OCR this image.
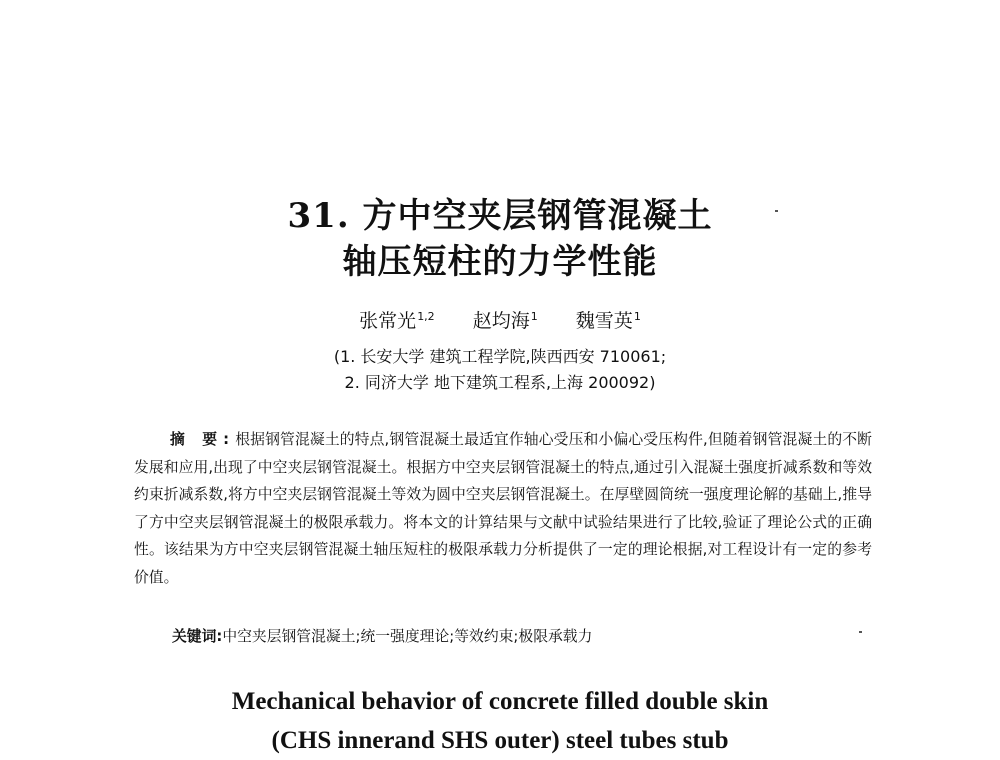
31. 方中空夹层钢管混凝土
轴压短柱的力学性能
张常光$^{1,2}$ 赵均海$^1$ 魏雪英$^1$
(1. 长安大学 建筑工程学院,陕西西安 710061;
2. 同济大学 地下建筑工程系,上海 200092)
摘 要:根据钢管混凝土的特点,钢管混凝土最适宜作轴心受压和小偏心受压构件,但随着钢管混凝土的不断发展和应用,出现了中空夹层钢管混凝土。根据方中空夹层钢管混凝土的特点,通过引入混凝土强度折减系数和等效约束折减系数,将方中空夹层钢管混凝土等效为圆中空夹层钢管混凝土。在厚壁圆筒统一强度理论解的基础上,推导了方中空夹层钢管混凝土的极限承载力。将本文的计算结果与文献中试验结果进行了比较,验证了理论公式的正确性。该结果为方中空夹层钢管混凝土轴压短柱的极限承载力分析提供了一定的理论根据,对工程设计有一定的参考价值。
关键词:中空夹层钢管混凝土;统一强度理论;等效约束;极限承载力
Mechanical behavior of concrete filled double skin
(CHS innerand SHS outer) steel tubes stub
